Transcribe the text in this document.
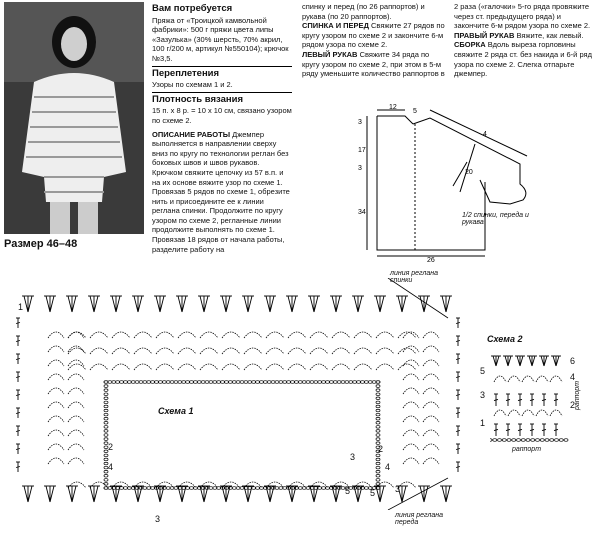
Размер 46–48
Вам потребуется

Пряжа от «Троицкой камвольной фабрики»: 500 г пряжи цвета липы «Зазулька» (30% шерсть, 70% акрил, 100 г/200 м, артикул №550104); крючок №3,5.

Переплетения

Узоры по схемам 1 и 2.

Плотность вязания

15 п. х 8 р. = 10 х 10 см, связано узором по схеме 2.

ОПИСАНИЕ РАБОТЫ Джемпер выполняется в направлении сверху вниз по кругу по технологии реглан без боковых швов и швов рукавов. Крючком свяжите цепочку из 57 в.п. и на их основе вяжите узор по схеме 1. Провязав 5 рядов по схеме 1, обрезите нить и присоедините ее к линии реглана спинки. Продолжите по кругу узором по схеме 2, регланные линии продолжите выполнять по схеме 1. Провязав 18 рядов от начала работы, разделите работу на

спинку и перед (по 26 раппортов) и рукава (по 20 раппортов).

СПИНКА И ПЕРЕД Свяжите 27 рядов по кругу узором по схеме 2 и закончите 6-м рядом узора по схеме 2.

ЛЕВЫЙ РУКАВ Свяжите 34 ряда по кругу узором по схеме 2, при этом в 5-м ряду уменьшите количество раппортов в

2 раза («галочки» 5-го ряда провяжите через ст. предыдущего ряда) и закончите 6-м рядом узора по схеме 2.

ПРАВЫЙ РУКАВ Вяжите, как левый.

СБОРКА Вдоль выреза горловины свяжите 2 ряда ст. без накида и 6-й ряд узора по схеме 2. Слегка отпарьте джемпер.

12
5
4
17
3
34
26
20
3
1/2 спинки, переда и рукава
Схема 1
линия реглана спинки
линия реглана переда
1
2
3
4
5
3
2
4
5 3
Схема 2
6
5
4
3
2
1
раппорт
раппорт
